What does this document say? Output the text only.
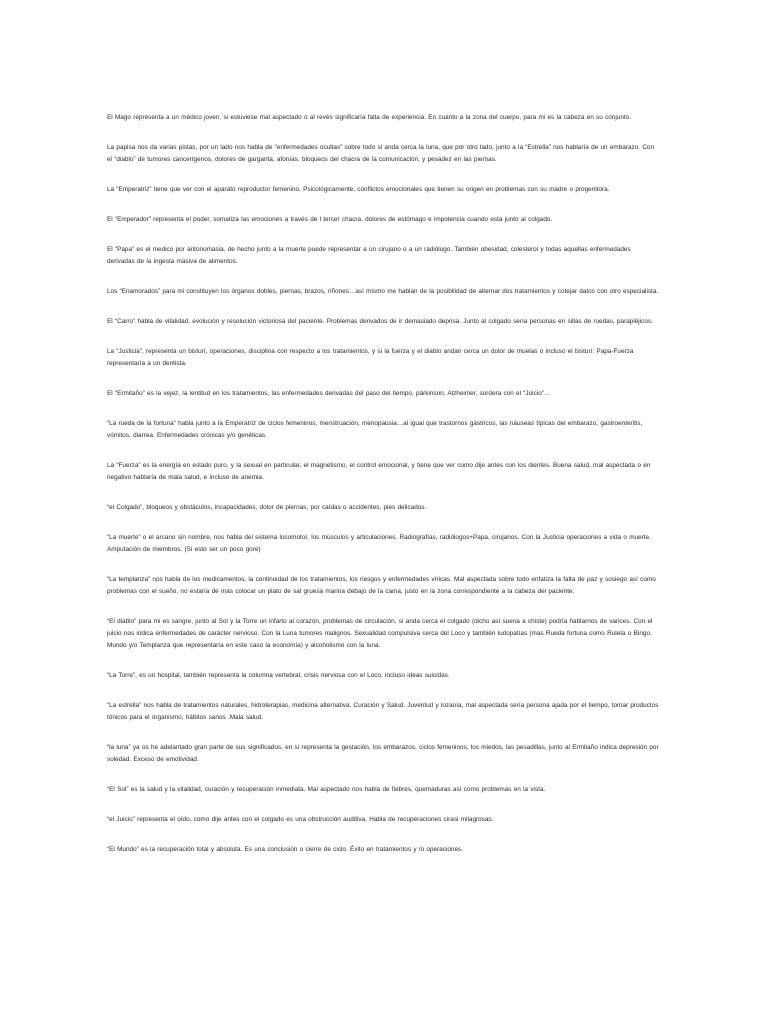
El Mago representa a un médico joven, si estuviese mal aspectado o al revés significaría falta de experiencia. En cuanto a la zona del cuerpo, para mi es la cabeza en su conjunto.

La papisa nos da varias pistas, por un lado nos habla de “enfermedades ocultas” sobre todo si anda cerca la luna, que por otro lado, junto a la “Estrella” nos hablaría de un embarazo. Con el “diablo” de tumores cancerígenos, dolores de garganta, afonías, bloqueos del chacra de la comunicación, y pesadez en las piernas.

La “Emperatriz” tiene que ver con el aparato reproductor femenino. Psicológicamente, conflictos emocionales que tienen su origen en problemas con su madre o progenitora.

El “Emperador” representa el poder, somatiza las emociones a través de l tercer chacra, dolores de estómago e impotencia cuando esta junto al colgado.

El “Papa” es el medico por antonomasia, de hecho junto a la muerte puede representar a un cirujano o a un radiólogo. También obesidad, colesterol y todas aquellas enfermedades derivadas de la ingesta masiva de alimentos.

Los “Enamorados” para mi constituyen los órganos dobles, piernas, brazos, riñones…así mismo me hablan de la posibilidad de alternar dos tratamientos y cotejar datos con otro especialista.

El “Carro” habla de vitalidad, evolución y resolución victoriosa del paciente. Problemas derivados de ir demasiado deprisa. Junto al colgado sería personas en sillas de ruedas, parapléjicos.

La “Justicia”, representa un bisturí, operaciones, disciplina con respecto a los tratamientos, y si la fuerza y el diablo andan cerca un dolor de muelas o incluso el bisturí: Papa-Fuerza representaría a un dentista.

El “Ermitaño” es la vejez, la lentitud en los tratamientos, las enfermedades derivadas del paso del tiempo, párkinson, Alzheimer, sordera con el “Juicio”…

“La rueda de la fortuna” habla junto a la Emperatriz de ciclos femeninos, menstruación, menopausia…al igual que trastornos gástricos, las náuseas típicas del embarazo, gastroenteritis, vómitos, diarrea. Enfermedades crónicas y/o genéticas.

La “Fuerza” es la energía en estado puro, y la sexual en particular, el magnetismo, el control emocional, y tiene que ver como dije antes con los dientes. Buena salud, mal aspectada o en negativo hablaría de mala salud, e incluso de anemia.

“el Colgado”, bloqueos y obstáculos, incapacidades, dolor de piernas, por caídas o accidentes, pies delicados.

“La muerte” o el arcano sin nombre, nos habla del sistema locomotor, los músculos y articulaciones. Radiografías, radiólogos+Papa, cirujanos. Con la Justicia operaciones a vida o muerte. Amputación de miembros. (Si esto ser un poco gore)

“La templanza” nos habla de los medicamentos, la continuidad de los tratamientos, los riesgos y enfermedades víricas. Mal aspectada sobre todo enfatiza la falta de paz y sosiego así como problemas con el sueño, no estaría de más colocar un plato de sal gruesa marina debajo de la cama, justo en la zona correspondiente a la cabeza del paciente.

“El diablo” para mi es sangre, junto al Sol y la Torre un infarto al corazón, problemas de circulación, si anda cerca el colgado (dicho así suena a chiste) podría hablarnos de varices. Con el juicio nos indica enfermedades de carácter nervioso. Con la Luna tumores malignos. Sexualidad compulsiva cerca del Loco y también ludopatías (mas Rueda fortuna como Ruleta o Bingo, Mundo y/o Templanza que representaría en este caso la economía) y alcoholismo con la luna.

“La Torre”, es un hospital, también representa la columna vertebral, crisis nerviosa con el Loco, incluso ideas suicidas.

“La estrella” nos habla de tratamientos naturales, hidroterapias, medicina alternativa. Curación y Salud. Juventud y lozanía, mal aspectada sería persona ajada por el tiempo, tomar productos tónicos para el organismo, hábitos sanos .Mala salud.

“la luna” ya os he adelantado gran parte de sus significados, en si representa la gestación, los embarazos, ciclos femeninos, los miedos, las pesadillas, junto al Ermitaño indica depresión por soledad. Exceso de emotividad.

“El Sol” es la salud y la vitalidad, curación y recuperación inmediata. Mal aspectado nos habla de fiebres, quemaduras así como problemas en la vista.

“el Juicio” representa el oído, como dije antes con el colgado es una obstrucción auditiva. Habla de recuperaciones cirasi milagrosas.

“El Mundo” es la recuperación total y absoluta. Es una conclusión o cierre de ciclo. Éxito en tratamientos y /o operaciones.
